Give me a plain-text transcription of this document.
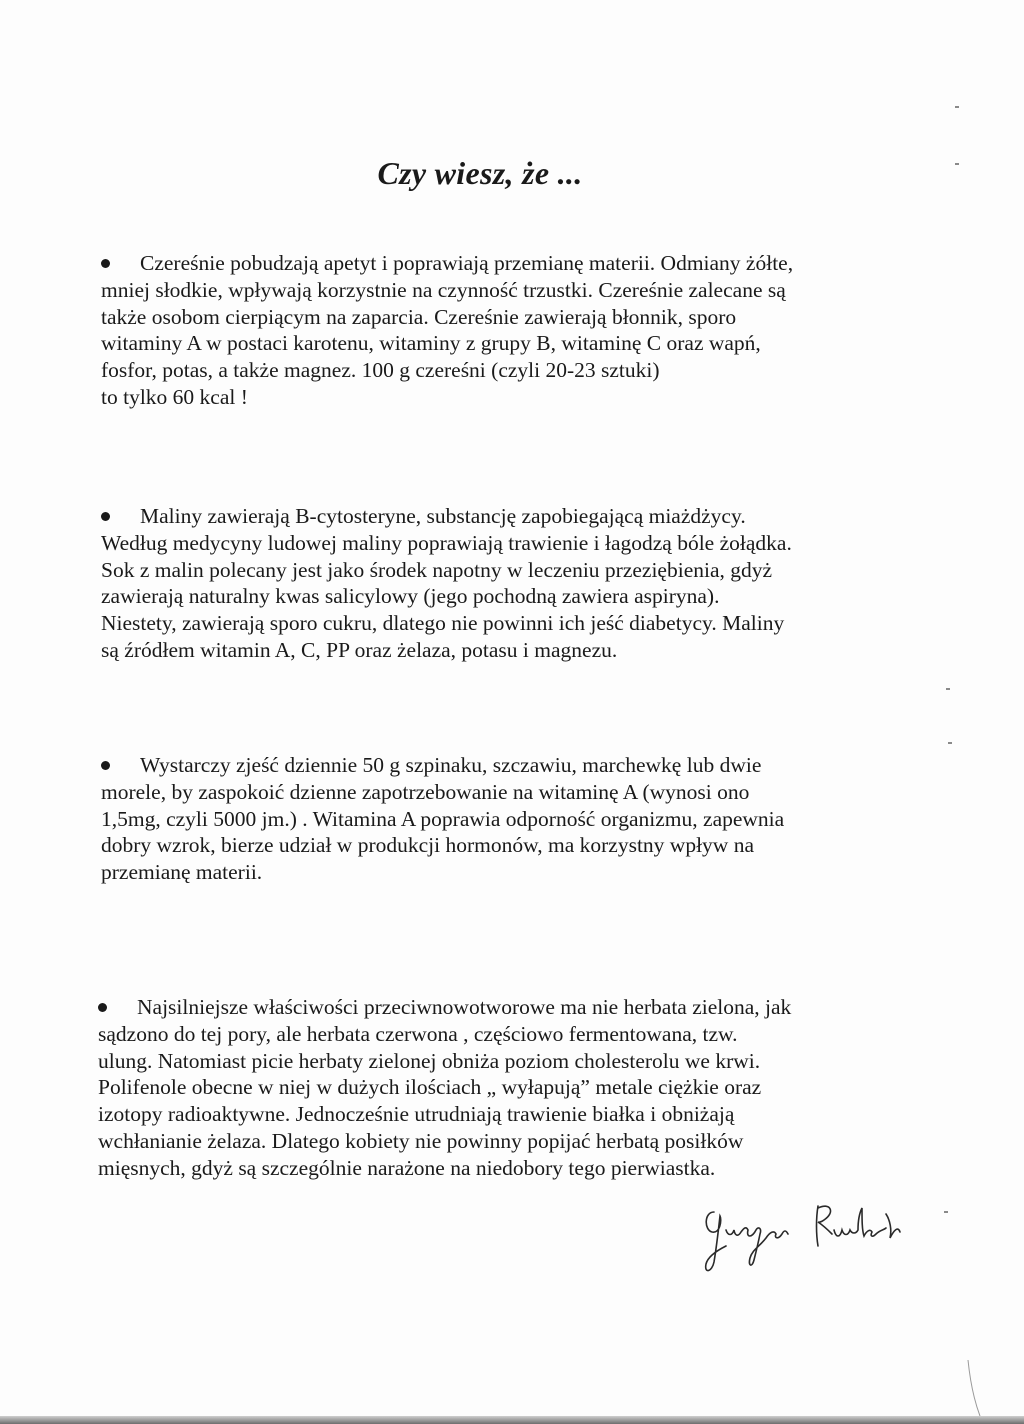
Czy wiesz, że ...

Czereśnie pobudzają apetyt i poprawiają przemianę materii. Odmiany żółte,
mniej słodkie, wpływają korzystnie na czynność trzustki. Czereśnie zalecane są
także osobom cierpiącym na zaparcia. Czereśnie zawierają błonnik, sporo
witaminy A w postaci karotenu, witaminy z grupy B, witaminę C oraz wapń,
fosfor, potas, a także magnez. 100 g czereśni (czyli 20-23 sztuki)
to tylko 60 kcal !

Maliny zawierają B-cytosteryne, substancję zapobiegającą miażdżycy.
Według medycyny ludowej maliny poprawiają trawienie i łagodzą bóle żołądka.
Sok z malin polecany jest jako środek napotny w leczeniu przeziębienia, gdyż
zawierają naturalny kwas salicylowy (jego pochodną zawiera aspiryna).
Niestety, zawierają sporo cukru, dlatego nie powinni ich jeść diabetycy. Maliny
są źródłem witamin A, C, PP oraz żelaza, potasu i magnezu.

Wystarczy zjeść dziennie 50 g szpinaku, szczawiu, marchewkę lub dwie
morele, by zaspokoić dzienne zapotrzebowanie na witaminę A (wynosi ono
1,5mg, czyli 5000 jm.) . Witamina A poprawia odporność organizmu, zapewnia
dobry wzrok, bierze udział w produkcji hormonów, ma korzystny wpływ na
przemianę materii.

Najsilniejsze właściwości przeciwnowotworowe ma nie herbata zielona, jak
sądzono do tej pory, ale herbata czerwona , częściowo fermentowana, tzw.
ulung. Natomiast picie herbaty zielonej obniża poziom cholesterolu we krwi.
Polifenole obecne w niej w dużych ilościach „ wyłapują” metale ciężkie oraz
izotopy radioaktywne. Jednocześnie utrudniają trawienie białka i obniżają
wchłanianie żelaza. Dlatego kobiety nie powinny popijać herbatą posiłków
mięsnych, gdyż są szczególnie narażone na niedobory tego pierwiastka.
